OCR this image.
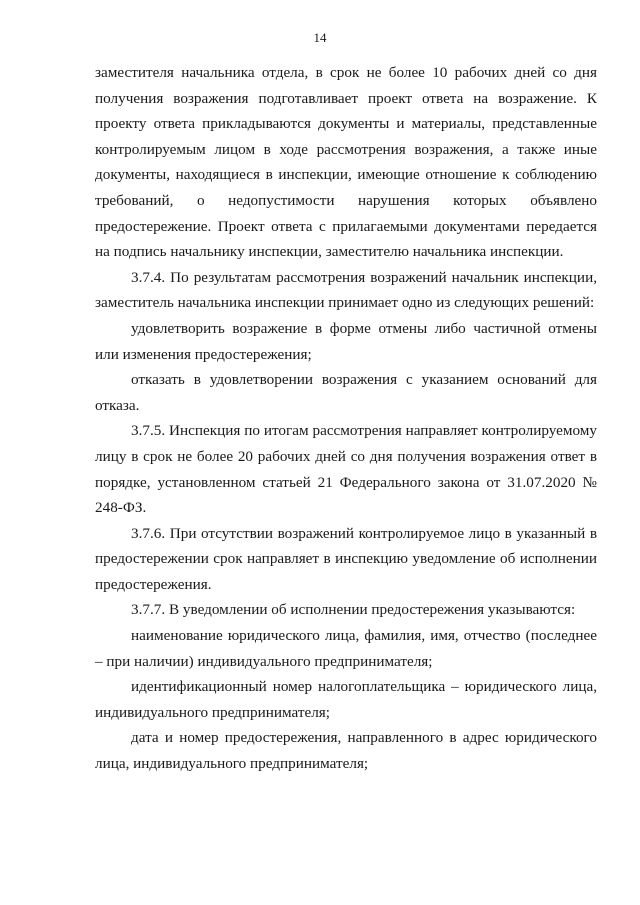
14

заместителя начальника отдела, в срок не более 10 рабочих дней со дня получения возражения подготавливает проект ответа на возражение. К проекту ответа прикладываются документы и материалы, представленные контролируемым лицом в ходе рассмотрения возражения, а также иные документы, находящиеся в инспекции, имеющие отношение к соблюдению требований, о недопустимости нарушения которых объявлено предостережение. Проект ответа с прилагаемыми документами передается на подпись начальнику инспекции, заместителю начальника инспекции.

3.7.4. По результатам рассмотрения возражений начальник инспекции, заместитель начальника инспекции принимает одно из следующих решений:

удовлетворить возражение в форме отмены либо частичной отмены или изменения предостережения;

отказать в удовлетворении возражения с указанием оснований для отказа.

3.7.5. Инспекция по итогам рассмотрения направляет контролируемому лицу в срок не более 20 рабочих дней со дня получения возражения ответ в порядке, установленном статьей 21 Федерального закона от 31.07.2020 № 248-ФЗ.

3.7.6. При отсутствии возражений контролируемое лицо в указанный в предостережении срок направляет в инспекцию уведомление об исполнении предостережения.

3.7.7. В уведомлении об исполнении предостережения указываются:

наименование юридического лица, фамилия, имя, отчество (последнее – при наличии) индивидуального предпринимателя;

идентификационный номер налогоплательщика – юридического лица, индивидуального предпринимателя;

дата и номер предостережения, направленного в адрес юридического лица, индивидуального предпринимателя;
